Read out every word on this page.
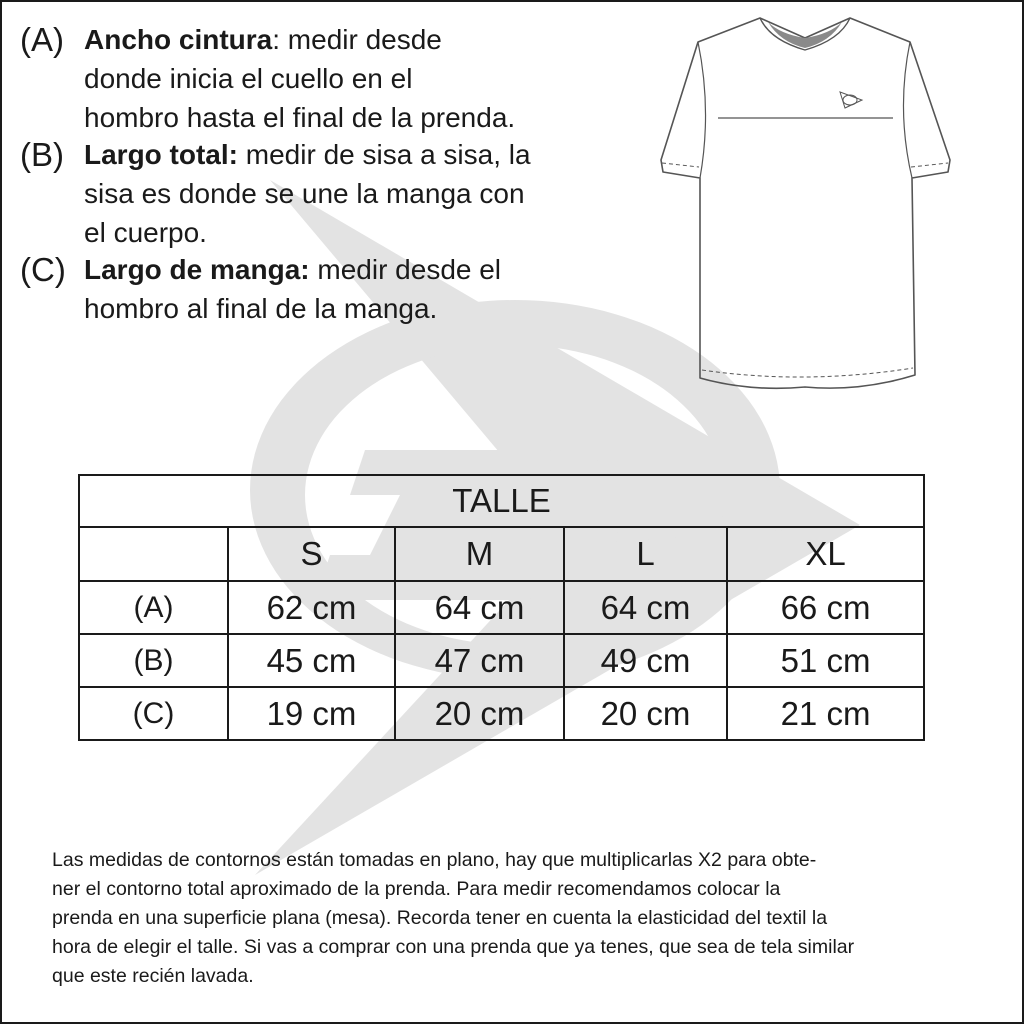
(A) Ancho cintura: medir desde
donde inicia el cuello en el
hombro hasta el final de la prenda.
(B) Largo total: medir de sisa a sisa, la
sisa es donde se une la manga con
el cuerpo.
(C) Largo de manga: medir desde el
hombro al final de la manga.
TALLE				
	S	M	L	XL
(A)	62 cm	64 cm	64 cm	66 cm
(B)	45 cm	47 cm	49 cm	51 cm
(C)	19 cm	20 cm	20 cm	21 cm
Las medidas de contornos están tomadas en plano, hay que multiplicarlas X2 para obte-
ner el contorno total aproximado de la prenda. Para medir recomendamos colocar la
prenda en una superficie plana (mesa). Recorda tener en cuenta la elasticidad del textil la
hora de elegir el talle. Si vas a comprar con una prenda que ya tenes, que sea de tela similar
que este recién lavada.
